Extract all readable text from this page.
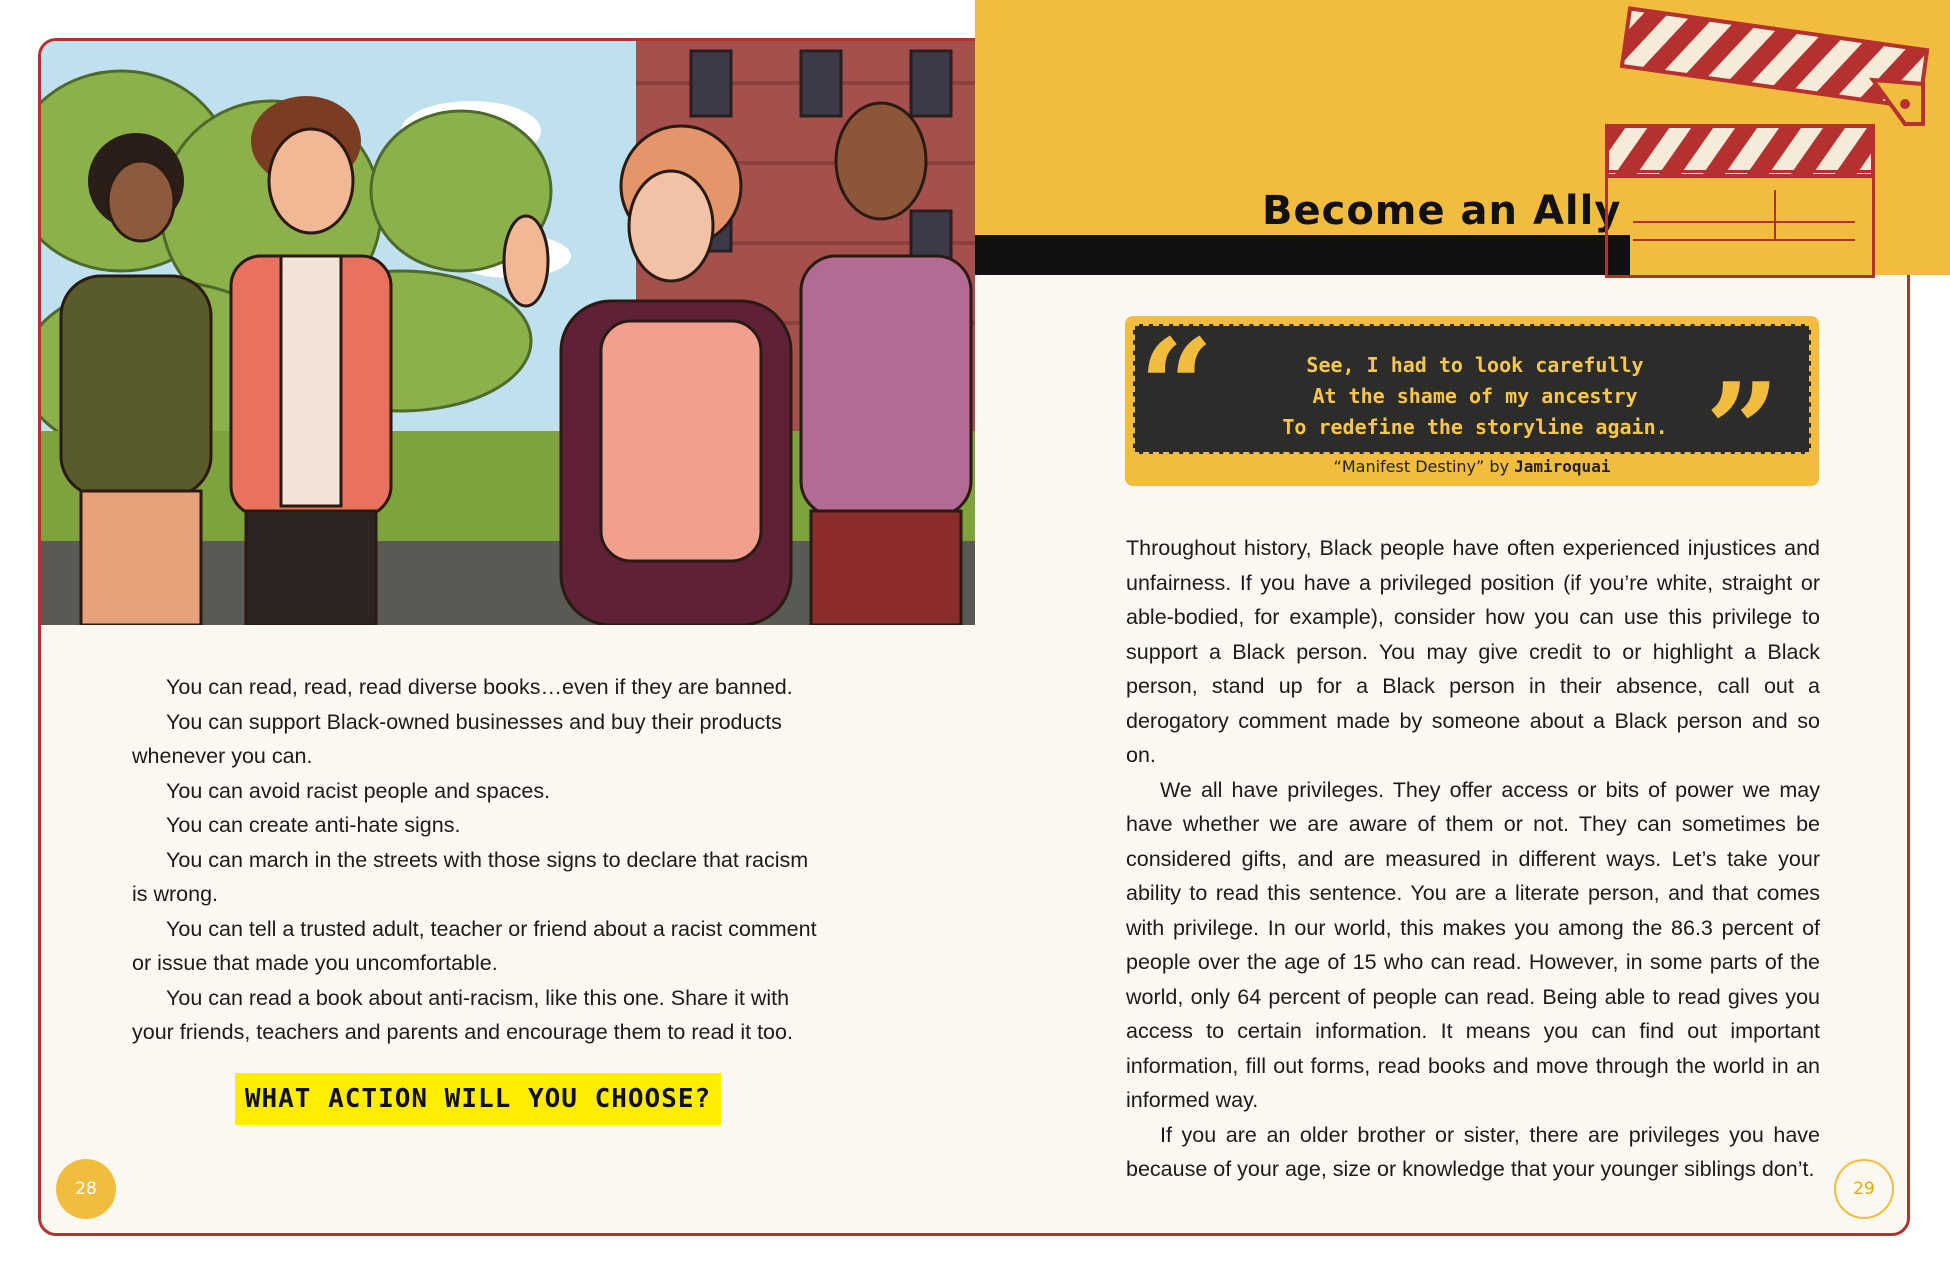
Become an Ally

You can read, read, read diverse books…even if they are banned.

You can support Black-owned businesses and buy their products whenever you can.

You can avoid racist people and spaces.

You can create anti-hate signs.

You can march in the streets with those signs to declare that racism is wrong.

You can tell a trusted adult, teacher or friend about a racist comment or issue that made you uncomfortable.

You can read a book about anti-racism, like this one. Share it with your friends, teachers and parents and encourage them to read it too.

WHAT ACTION WILL YOU CHOOSE?
“	See, I had to look carefully
At the shame of my ancestry
To redefine the storyline again. ”
“Manifest Destiny” by Jamiroquai

Throughout history, Black people have often experienced injustices and unfairness. If you have a privileged position (if you’re white, straight or able-bodied, for example), consider how you can use this privilege to support a Black person. You may give credit to or highlight a Black person, stand up for a Black person in their absence, call out a derogatory comment made by someone about a Black person and so on.

We all have privileges. They offer access or bits of power we may have whether we are aware of them or not. They can sometimes be considered gifts, and are measured in different ways. Let’s take your ability to read this sentence. You are a literate person, and that comes with privilege. In our world, this makes you among the 86.3 percent of people over the age of 15 who can read. However, in some parts of the world, only 64 percent of people can read. Being able to read gives you access to certain information. It means you can find out important information, fill out forms, read books and move through the world in an informed way.

If you are an older brother or sister, there are privileges you have because of your age, size or knowledge that your younger siblings don’t.

28	29
